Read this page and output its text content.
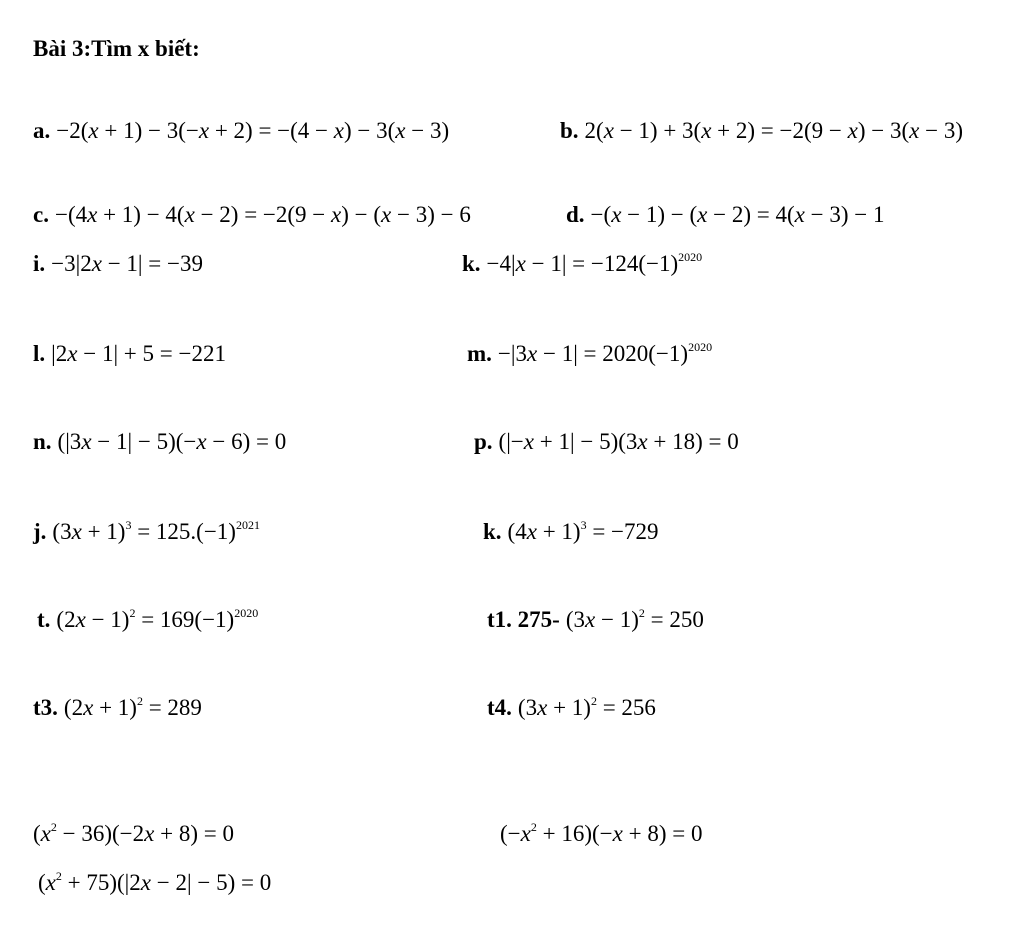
Bài 3:Tìm x biết:
a. −2(x + 1) − 3(−x + 2) = −(4 − x) − 3(x − 3)	b. 2(x − 1) + 3(x + 2) = −2(9 − x) − 3(x − 3)
c. −(4x + 1) − 4(x − 2) = −2(9 − x) − (x − 3) − 6	d. −(x − 1) − (x − 2) = 4(x − 3) − 1
i. −3|2x − 1| = −39	k. $-4|x - 1| = -124(-1)^{2020}$
l. |2x − 1| + 5 = −221	m. $-|3x - 1| = 2020(-1)^{2020}$
n. (|3x − 1| − 5)(−x − 6) = 0	p. (|−x + 1| − 5)(3x + 18) = 0
j. $(3x + 1)^3 = 125.(-1)^{2021}$	k. $(4x + 1)^3 = -729$
t. $(2x - 1)^2 = 169(-1)^{2020}$	t1. 275- $(3x - 1)^2 = 250$
t3. $(2x + 1)^2 = 289$	t4. $(3x + 1)^2 = 256$
$(x^2 - 36)(-2x + 8) = 0$	$(-x^2 + 16)(-x + 8) = 0$
$(x^2 + 75)(|2x - 2| - 5) = 0$
